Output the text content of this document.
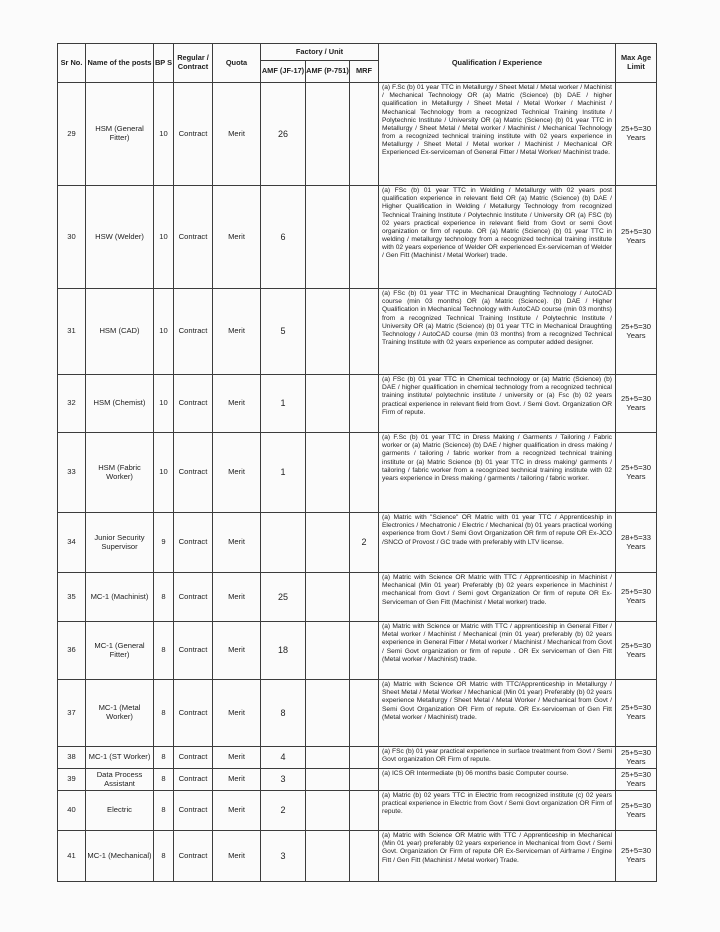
Sr No.	Name of the posts	BP S	Regular / Contract	Quota	Factory / Unit			Qualification / Experience	Max Age Limit
					AMF (JF-17)	AMF (P-751)	MRF		
29	HSM (General Fitter)	10	Contract	Merit	26			(a) F.Sc (b) 01 year TTC in Metallurgy / Sheet Metal / Metal worker / Machinist / Mechanical Technology OR (a) Matric (Science) (b) DAE / higher qualification in Metallurgy / Sheet Metal / Metal Worker / Machinist / Mechanical Technology from a recognized Technical Training Institute / Polytechnic Institute / University OR (a) Matric (Science) (b) 01 year TTC in Metallurgy / Sheet Metal / Metal worker / Machinist / Mechanical Technology from a recognized technical training institute with 02 years experience in Metallurgy / Sheet Metal / Metal worker / Machinist / Mechanical OR Experienced Ex-serviceman of General Fitter / Metal Worker/ Machinist trade.	25+5=30 Years
30	HSW (Welder)	10	Contract	Merit	6			(a) FSc (b) 01 year TTC in Welding / Metallurgy with 02 years post qualification experience in relevant field OR (a) Matric (Science) (b) DAE / Higher Qualification in Welding / Metallurgy Technology from recognized Technical Training Institute / Polytechnic Institute / University OR (a) FSC (b) 02 years practical experience in relevant field from Govt or semi Govt organization or firm of repute. OR (a) Matric (Science) (b) 01 year TTC in welding / metallurgy technology from a recognized technical training institute with 02 years experience of Welder OR experienced Ex-serviceman of Welder / Gen Fitt (Machinist / Metal Worker) trade.	25+5=30 Years
31	HSM (CAD)	10	Contract	Merit	5			(a) FSc (b) 01 year TTC in Mechanical Draughting Technology / AutoCAD course (min 03 months) OR (a) Matric (Science). (b) DAE / Higher Qualification in Mechanical Technology with AutoCAD course (min 03 months) from a recognized Technical Training Institute / Polytechnic Institute / University OR (a) Matric (Science) (b) 01 year TTC in Mechanical Draughting Technology / AutoCAD course (min 03 months) from a recognized Technical Training Institute with 02 years experience as computer added designer.	25+5=30 Years
32	HSM (Chemist)	10	Contract	Merit	1			(a) FSc (b) 01 year TTC in Chemical technology or (a) Matric (Science) (b) DAE / higher qualification in chemical technology from a recognized technical training institute/ polytechnic institute / university or (a) Fsc (b) 02 years practical experience in relevant field from Govt. / Semi Govt. Organization OR Firm of repute.	25+5=30 Years
33	HSM (Fabric Worker)	10	Contract	Merit	1			(a) F.Sc (b) 01 year TTC in Dress Making / Garments / Tailoring / Fabric worker or (a) Matric (Science) (b) DAE / higher qualification in dress making / garments / tailoring / fabric worker from a recognized technical training institute or (a) Matric Science (b) 01 year TTC in dress making/ garments / tailoring / fabric worker from a recognized technical training institute with 02 years experience in Dress making / garments / tailoring / fabric worker.	25+5=30 Years
34	Junior Security Supervisor	9	Contract	Merit			2	(a) Matric with "Science" OR Matric with 01 year TTC / Apprenticeship in Electronics / Mechatronic / Electric / Mechanical (b) 01 years practical working experience from Govt / Semi Govt Organization OR firm of repute OR Ex-JCO /SNCO of Provost / GC trade with preferably with LTV license.	28+5=33 Years
35	MC-1 (Machinist)	8	Contract	Merit	25			(a) Matric with Science OR Matric with TTC / Apprenticeship in Machinist / Mechanical (Min 01 year) Preferably (b) 02 years experience in Machinist / mechanical from Govt / Semi govt Organization Or firm of repute OR Ex-Serviceman of Gen Fitt (Machinist / Metal worker) trade.	25+5=30 Years
36	MC-1 (General Fitter)	8	Contract	Merit	18			(a) Matric with Science or Matric with TTC / apprenticeship in General Fitter / Metal worker / Machinist / Mechanical (min 01 year) preferably (b) 02 years experience in General Fitter / Metal worker / Machinist / Mechanical from Govt / Semi Govt organization or firm of repute . OR Ex serviceman of Gen Fitt (Metal worker / Machinist) trade.	25+5=30 Years
37	MC-1 (Metal Worker)	8	Contract	Merit	8			(a) Matric with Science OR Matric with TTC/Apprenticeship in Metallurgy / Sheet Metal / Metal Worker / Mechanical (Min 01 year) Preferably (b) 02 years experience Metallurgy / Sheet Metal / Metal Worker / Mechanical from Govt / Semi Govt Organization OR Firm of repute. OR Ex-serviceman of Gen Fitt (Metal worker / Machinist) trade.	25+5=30 Years
38	MC-1 (ST Worker)	8	Contract	Merit	4			(a) FSc (b) 01 year practical experience in surface treatment from Govt / Semi Govt organization OR Firm of repute.	25+5=30 Years
39	Data Process Assistant	8	Contract	Merit	3			(a) ICS OR Intermediate (b) 06 months basic Computer course.	25+5=30 Years
40	Electric	8	Contract	Merit	2			(a) Matric (b) 02 years TTC in Electric from recognized institute (c) 02 years practical experience in Electric from Govt / Semi Govt organization OR Firm of repute.	25+5=30 Years
41	MC-1 (Mechanical)	8	Contract	Merit	3			(a) Matric with Science OR Matric with TTC / Apprenticeship in Mechanical (Min 01 year) preferably 02 years experience in Mechanical from Govt / Semi Govt. Organization Or Firm of repute OR Ex-Serviceman of Airframe / Engine Fitt / Gen Fitt (Machinist / Metal worker) Trade.	25+5=30 Years
